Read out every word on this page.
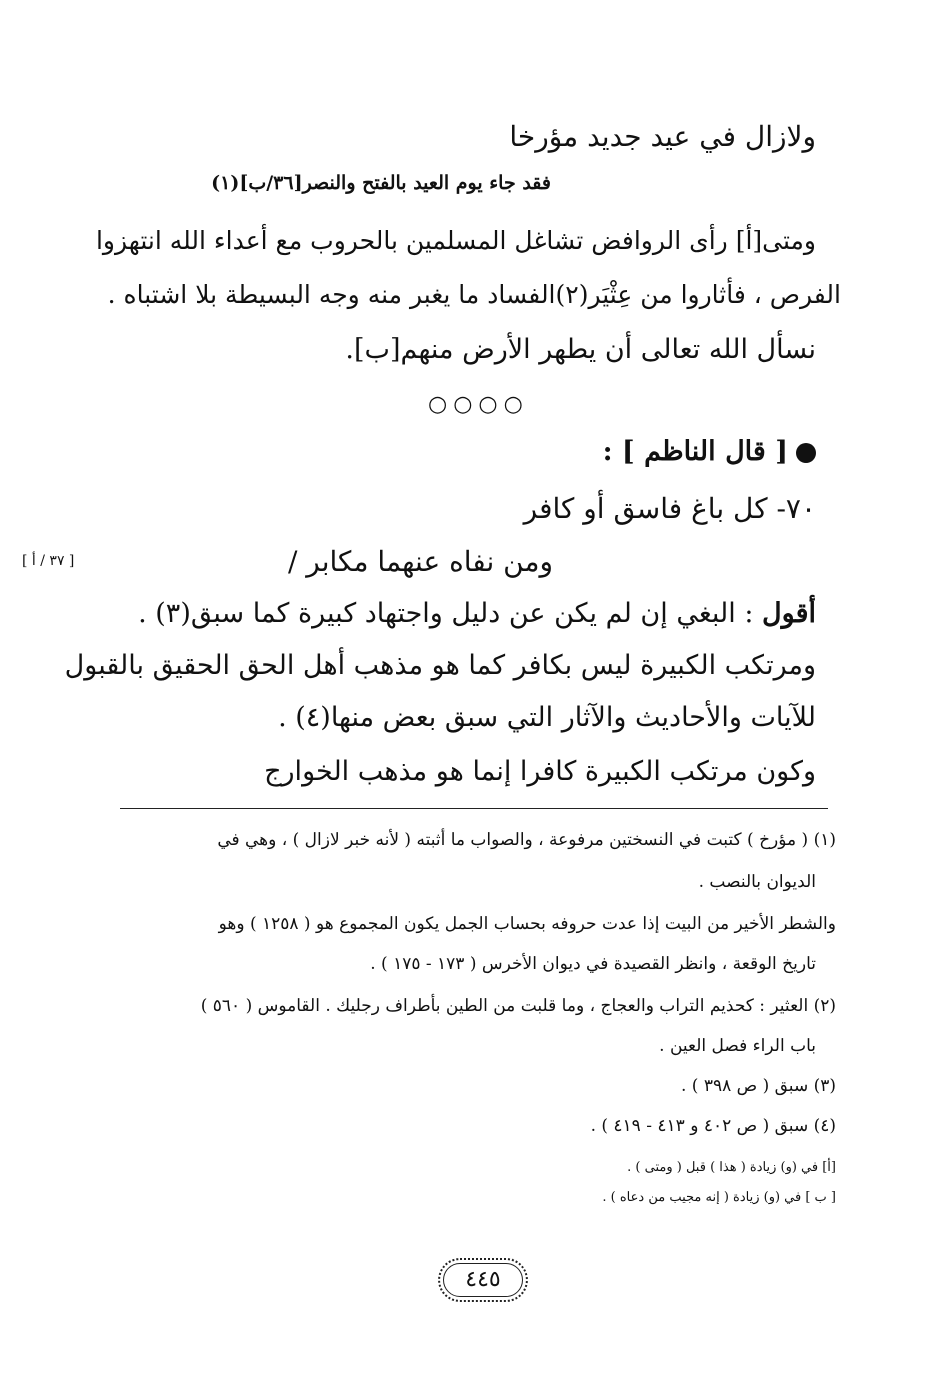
ولازال في عيد جديد مؤرخا
فقد جاء يوم العيد بالفتح والنصر[٣٦/ب](١)
ومتى[أ] رأى الروافض تشاغل المسلمين بالحروب مع أعداء الله انتهزوا
الفرص ، فأثاروا من عِثْيَر(٢)الفساد ما يغبر منه وجه البسيطة بلا اشتباه .
نسأل الله تعالى أن يطهر الأرض منهم[ب].
○○○○
[ قال الناظم ] :
٧٠- كل باغ فاسق أو كافر
ومن نفاه عنهما مكابر /
[ ٣٧ / أ ]
أقول : البغي إن لم يكن عن دليل واجتهاد كبيرة كما سبق(٣) .
ومرتكب الكبيرة ليس بكافر كما هو مذهب أهل الحق الحقيق بالقبول
للآيات والأحاديث والآثار التي سبق بعض منها(٤) .
وكون مرتكب الكبيرة كافرا إنما هو مذهب الخوارج
(١) ( مؤرخ ) كتبت في النسختين مرفوعة ، والصواب ما أثبته ( لأنه خبر لازال ) ، وهي في
الديوان بالنصب .
والشطر الأخير من البيت إذا عدت حروفه بحساب الجمل يكون المجموع هو ( ١٢٥٨ ) وهو
تاريخ الوقعة ، وانظر القصيدة في ديوان الأخرس ( ١٧٣ - ١٧٥ ) .
(٢) العثير : كحذيم التراب والعجاج ، وما قلبت من الطين بأطراف رجليك . القاموس ( ٥٦٠ )
باب الراء فصل العين .
(٣) سبق ( ص ٣٩٨ ) .
(٤) سبق ( ص ٤٠٢ و ٤١٣ - ٤١٩ ) .
[أ] في (و) زيادة ( هذا ) قبل ( ومتى ) .
[ ب ] في (و) زيادة ( إنه مجيب من دعاه ) .
٤٤٥
